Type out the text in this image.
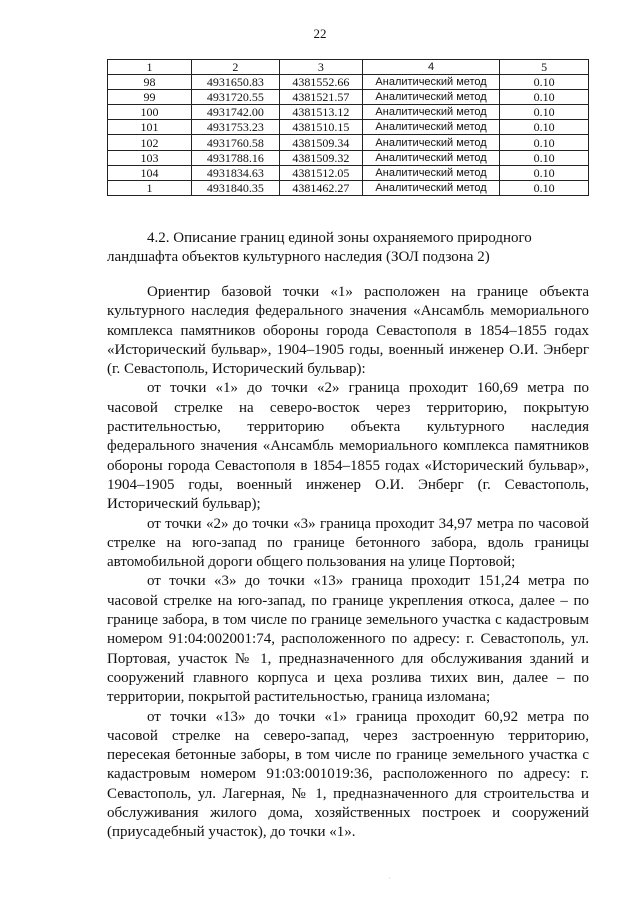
22
1	2	3	4	5
98	4931650.83	4381552.66	Аналитический метод	0.10
99	4931720.55	4381521.57	Аналитический метод	0.10
100	4931742.00	4381513.12	Аналитический метод	0.10
101	4931753.23	4381510.15	Аналитический метод	0.10
102	4931760.58	4381509.34	Аналитический метод	0.10
103	4931788.16	4381509.32	Аналитический метод	0.10
104	4931834.63	4381512.05	Аналитический метод	0.10
1	4931840.35	4381462.27	Аналитический метод	0.10
4.2. Описание границ единой зоны охраняемого природного ландшафта объектов культурного наследия (ЗОЛ подзона 2)

Ориентир базовой точки «1» расположен на границе объекта культурного наследия федерального значения «Ансамбль мемориального комплекса памятников обороны города Севастополя в 1854–1855 годах «Исторический бульвар», 1904–1905 годы, военный инженер О.И. Энберг (г. Севастополь, Исторический бульвар):

от точки «1» до точки «2» граница проходит 160,69 метра по часовой стрелке на северо-восток через территорию, покрытую растительностью, территорию объекта культурного наследия федерального значения «Ансамбль мемориального комплекса памятников обороны города Севастополя в 1854–1855 годах «Исторический бульвар», 1904–1905 годы, военный инженер О.И. Энберг (г. Севастополь, Исторический бульвар);

от точки «2» до точки «3» граница проходит 34,97 метра по часовой стрелке на юго-запад по границе бетонного забора, вдоль границы автомобильной дороги общего пользования на улице Портовой;

от точки «3» до точки «13» граница проходит 151,24 метра по часовой стрелке на юго-запад, по границе укрепления откоса, далее – по границе забора, в том числе по границе земельного участка с кадастровым номером 91:04:002001:74, расположенного по адресу: г. Севастополь, ул. Портовая, участок № 1, предназначенного для обслуживания зданий и сооружений главного корпуса и цеха розлива тихих вин, далее – по территории, покрытой растительностью, граница изломана;

от точки «13» до точки «1» граница проходит 60,92 метра по часовой стрелке на северо-запад, через застроенную территорию, пересекая бетонные заборы, в том числе по границе земельного участка с кадастровым номером 91:03:001019:36, расположенного по адресу: г. Севастополь, ул. Лагерная, № 1, предназначенного для строительства и обслуживания жилого дома, хозяйственных построек и сооружений (приусадебный участок), до точки «1».

·
